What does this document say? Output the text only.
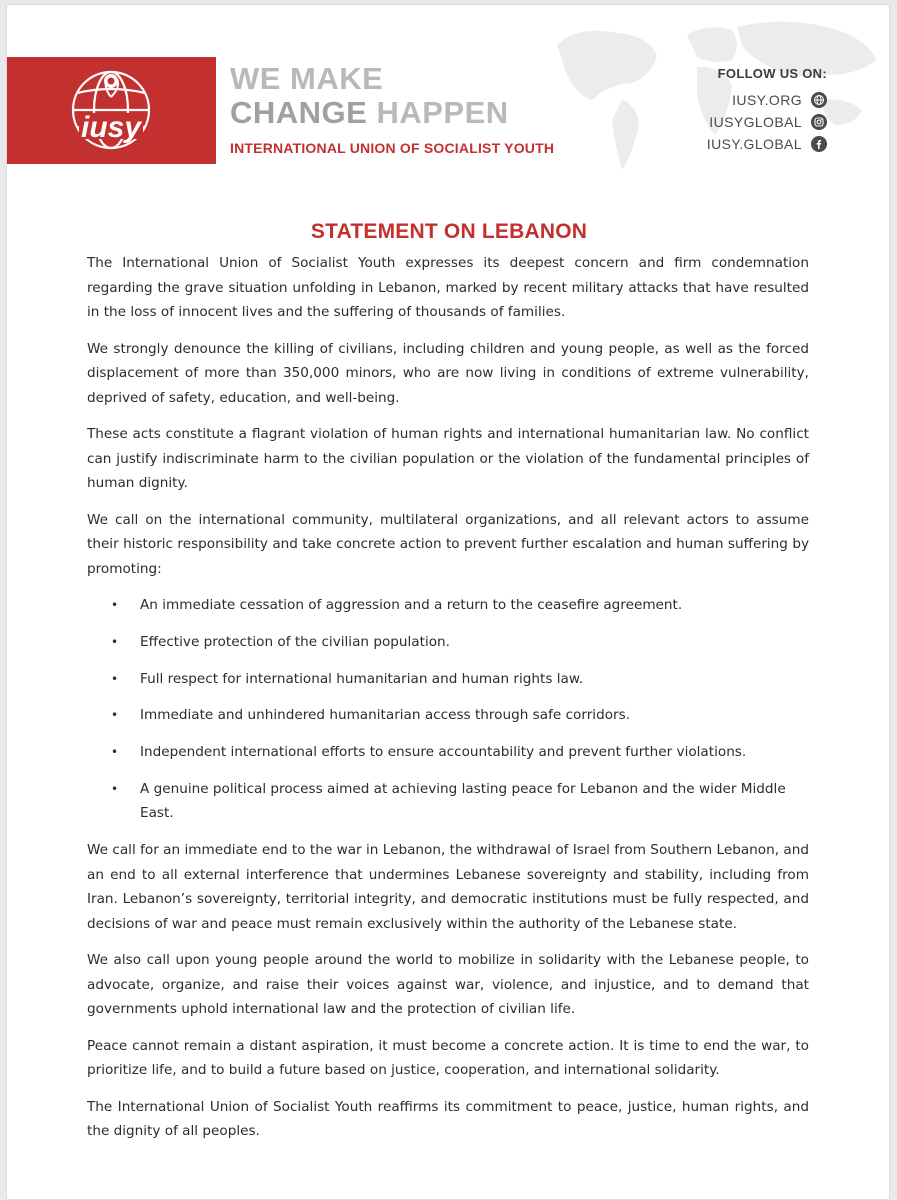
iusy
WE MAKE
CHANGE HAPPEN
INTERNATIONAL UNION OF SOCIALIST YOUTH
FOLLOW US ON:
IUSY.ORG
IUSYGLOBAL
IUSY.GLOBAL
STATEMENT ON LEBANON

The International Union of Socialist Youth expresses its deepest concern and firm condemnation regarding the grave situation unfolding in Lebanon, marked by recent military attacks that have resulted in the loss of innocent lives and the suffering of thousands of families.

We strongly denounce the killing of civilians, including children and young people, as well as the forced displacement of more than 350,000 minors, who are now living in conditions of extreme vulnerability, deprived of safety, education, and well-being.

These acts constitute a flagrant violation of human rights and international humanitarian law. No conflict can justify indiscriminate harm to the civilian population or the violation of the fundamental principles of human dignity.

We call on the international community, multilateral organizations, and all relevant actors to assume their historic responsibility and take concrete action to prevent further escalation and human suffering by promoting:

• An immediate cessation of aggression and a return to the ceasefire agreement.
• Effective protection of the civilian population.
• Full respect for international humanitarian and human rights law.
• Immediate and unhindered humanitarian access through safe corridors.
• Independent international efforts to ensure accountability and prevent further violations.
• A genuine political process aimed at achieving lasting peace for Lebanon and the wider Middle East.

We call for an immediate end to the war in Lebanon, the withdrawal of Israel from Southern Lebanon, and an end to all external interference that undermines Lebanese sovereignty and stability, including from Iran. Lebanon’s sovereignty, territorial integrity, and democratic institutions must be fully respected, and decisions of war and peace must remain exclusively within the authority of the Lebanese state.

We also call upon young people around the world to mobilize in solidarity with the Lebanese people, to advocate, organize, and raise their voices against war, violence, and injustice, and to demand that governments uphold international law and the protection of civilian life.

Peace cannot remain a distant aspiration, it must become a concrete action. It is time to end the war, to prioritize life, and to build a future based on justice, cooperation, and international solidarity.

The International Union of Socialist Youth reaffirms its commitment to peace, justice, human rights, and the dignity of all peoples.
